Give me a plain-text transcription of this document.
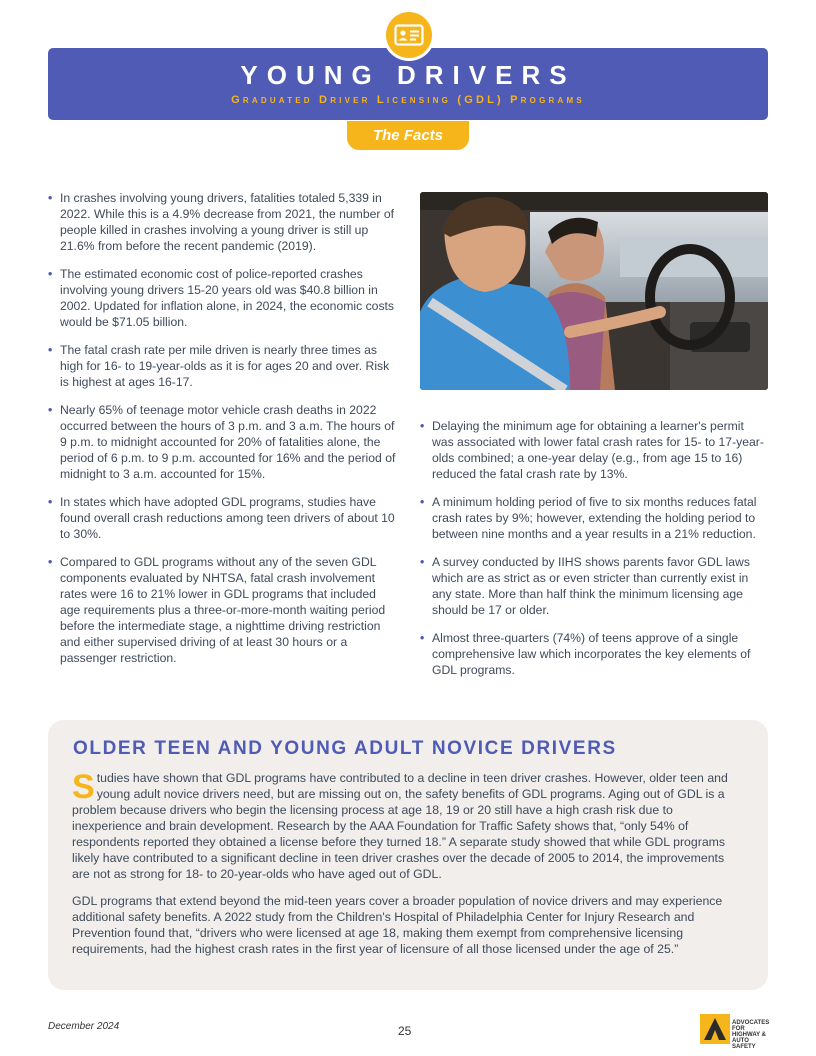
YOUNG DRIVERS
Graduated Driver Licensing (GDL) Programs
The Facts
• In crashes involving young drivers, fatalities totaled 5,339 in 2022. While this is a 4.9% decrease from 2021, the number of people killed in crashes involving a young driver is still up 21.6% from before the recent pandemic (2019).
• The estimated economic cost of police-reported crashes involving young drivers 15-20 years old was $40.8 billion in 2002. Updated for inflation alone, in 2024, the economic costs would be $71.05 billion.
• The fatal crash rate per mile driven is nearly three times as high for 16- to 19-year-olds as it is for ages 20 and over. Risk is highest at ages 16-17.
• Nearly 65% of teenage motor vehicle crash deaths in 2022 occurred between the hours of 3 p.m. and 3 a.m. The hours of 9 p.m. to midnight accounted for 20% of fatalities alone, the period of 6 p.m. to 9 p.m. accounted for 16% and the period of midnight to 3 a.m. accounted for 15%.
• In states which have adopted GDL programs, studies have found overall crash reductions among teen drivers of about 10 to 30%.
• Compared to GDL programs without any of the seven GDL components evaluated by NHTSA, fatal crash involvement rates were 16 to 21% lower in GDL programs that included age requirements plus a three-or-more-month waiting period before the intermediate stage, a nighttime driving restriction and either supervised driving of at least 30 hours or a passenger restriction.
• Delaying the minimum age for obtaining a learner's permit was associated with lower fatal crash rates for 15- to 17-year-olds combined; a one-year delay (e.g., from age 15 to 16) reduced the fatal crash rate by 13%.
• A minimum holding period of five to six months reduces fatal crash rates by 9%; however, extending the holding period to between nine months and a year results in a 21% reduction.
• A survey conducted by IIHS shows parents favor GDL laws which are as strict as or even stricter than currently exist in any state. More than half think the minimum licensing age should be 17 or older.
• Almost three-quarters (74%) of teens approve of a single comprehensive law which incorporates the key elements of GDL programs.
OLDER TEEN AND YOUNG ADULT NOVICE DRIVERS

Studies have shown that GDL programs have contributed to a decline in teen driver crashes. However, older teen and young adult novice drivers need, but are missing out on, the safety benefits of GDL programs. Aging out of GDL is a problem because drivers who begin the licensing process at age 18, 19 or 20 still have a high crash risk due to inexperience and brain development. Research by the AAA Foundation for Traffic Safety shows that, “only 54% of respondents reported they obtained a license before they turned 18.” A separate study showed that while GDL programs likely have contributed to a significant decline in teen driver crashes over the decade of 2005 to 2014, the improvements are not as strong for 18- to 20-year-olds who have aged out of GDL.

GDL programs that extend beyond the mid-teen years cover a broader population of novice drivers and may experience additional safety benefits. A 2022 study from the Children's Hospital of Philadelphia Center for Injury Research and Prevention found that, “drivers who were licensed at age 18, making them exempt from comprehensive licensing requirements, had the highest crash rates in the first year of licensure of all those licensed under the age of 25.”

December 2024	25
ADVOCATES FOR HIGHWAY & AUTO SAFETY
